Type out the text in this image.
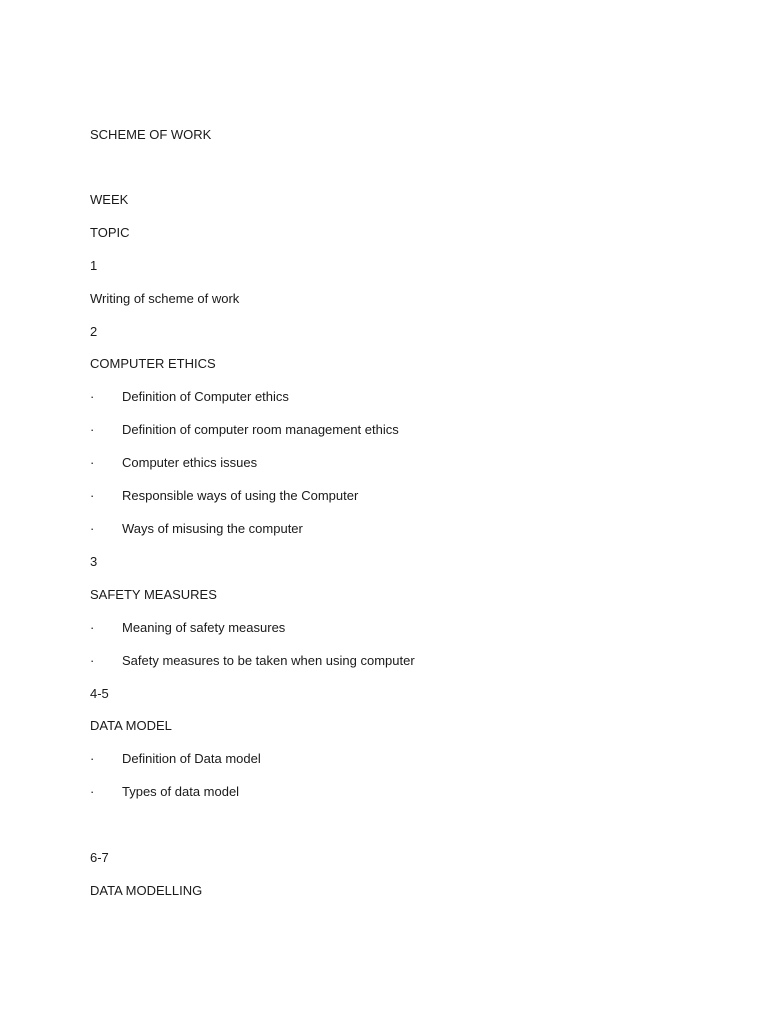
SCHEME OF WORK
WEEK
TOPIC
1
Writing of scheme of work
2
COMPUTER ETHICS
· Definition of Computer ethics
· Definition of computer room management ethics
· Computer ethics issues
· Responsible ways of using the Computer
· Ways of misusing the computer
3
SAFETY MEASURES
· Meaning of safety measures
· Safety measures to be taken when using computer
4-5
DATA MODEL
· Definition of Data model
· Types of data model
6-7
DATA MODELLING
